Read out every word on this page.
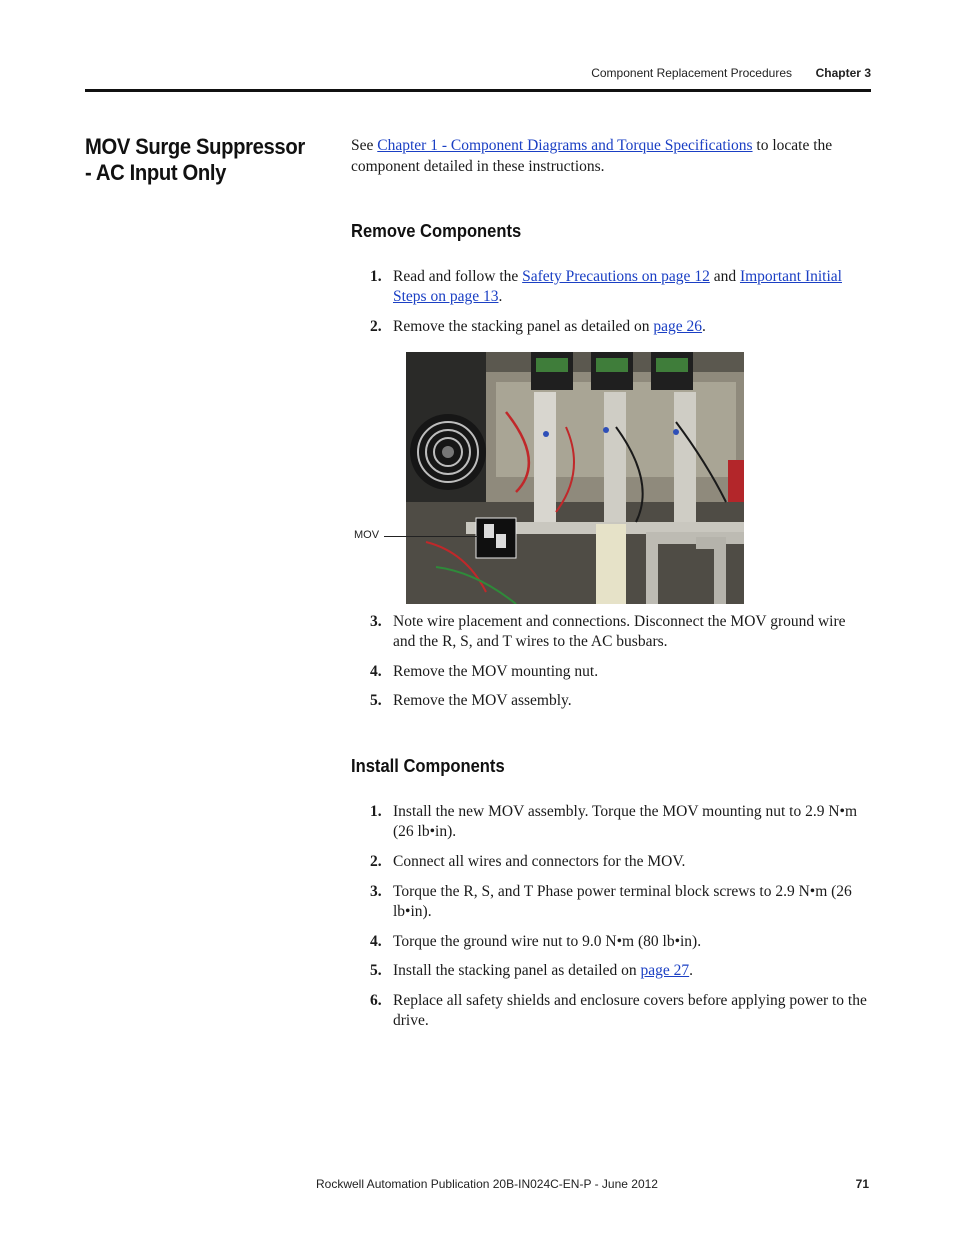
Component Replacement Procedures Chapter 3
MOV Surge Suppressor - AC Input Only

See Chapter 1 - Component Diagrams and Torque Specifications to locate the component detailed in these instructions.

Remove Components
1. Read and follow the Safety Precautions on page 12 and Important Initial Steps on page 13.
2. Remove the stacking panel as detailed on page 26.
MOV
3. Note wire placement and connections. Disconnect the MOV ground wire and the R, S, and T wires to the AC busbars.
4. Remove the MOV mounting nut.
5. Remove the MOV assembly.
Install Components
1. Install the new MOV assembly. Torque the MOV mounting nut to 2.9 N•m (26 lb•in).
2. Connect all wires and connectors for the MOV.
3. Torque the R, S, and T Phase power terminal block screws to 2.9 N•m (26 lb•in).
4. Torque the ground wire nut to 9.0 N•m (80 lb•in).
5. Install the stacking panel as detailed on page 27.
6. Replace all safety shields and enclosure covers before applying power to the drive.
Rockwell Automation Publication 20B-IN024C-EN-P - June 2012	71
